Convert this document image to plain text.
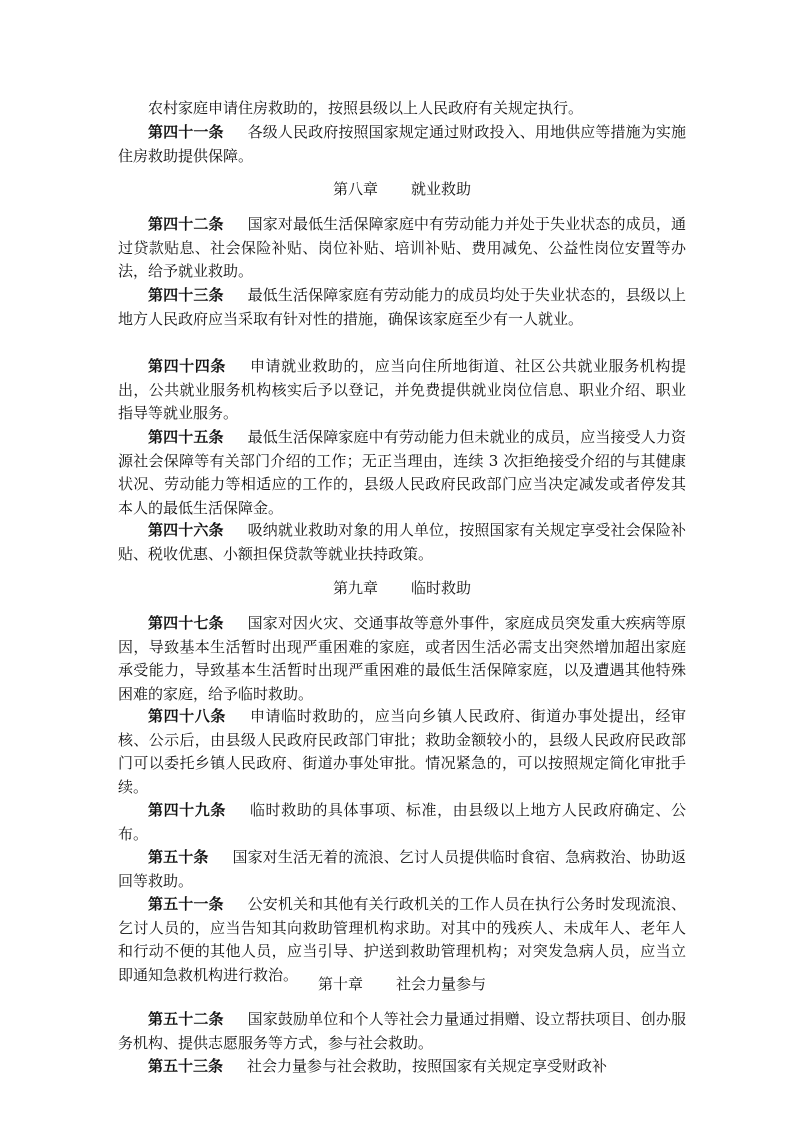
农村家庭申请住房救助的，按照县级以上人民政府有关规定执行。

第四十一条 各级人民政府按照国家规定通过财政投入、用地供应等措施为实施住房救助提供保障。

第八章 就业救助

第四十二条 国家对最低生活保障家庭中有劳动能力并处于失业状态的成员，通过贷款贴息、社会保险补贴、岗位补贴、培训补贴、费用减免、公益性岗位安置等办法，给予就业救助。

第四十三条 最低生活保障家庭有劳动能力的成员均处于失业状态的，县级以上地方人民政府应当采取有针对性的措施，确保该家庭至少有一人就业。

第四十四条 申请就业救助的，应当向住所地街道、社区公共就业服务机构提出，公共就业服务机构核实后予以登记，并免费提供就业岗位信息、职业介绍、职业指导等就业服务。

第四十五条 最低生活保障家庭中有劳动能力但未就业的成员，应当接受人力资源社会保障等有关部门介绍的工作；无正当理由，连续 3 次拒绝接受介绍的与其健康状况、劳动能力等相适应的工作的，县级人民政府民政部门应当决定减发或者停发其本人的最低生活保障金。

第四十六条 吸纳就业救助对象的用人单位，按照国家有关规定享受社会保险补贴、税收优惠、小额担保贷款等就业扶持政策。

第九章 临时救助

第四十七条 国家对因火灾、交通事故等意外事件，家庭成员突发重大疾病等原因，导致基本生活暂时出现严重困难的家庭，或者因生活必需支出突然增加超出家庭承受能力，导致基本生活暂时出现严重困难的最低生活保障家庭，以及遭遇其他特殊困难的家庭，给予临时救助。

第四十八条 申请临时救助的，应当向乡镇人民政府、街道办事处提出，经审核、公示后，由县级人民政府民政部门审批；救助金额较小的，县级人民政府民政部门可以委托乡镇人民政府、街道办事处审批。情况紧急的，可以按照规定简化审批手续。

第四十九条 临时救助的具体事项、标准，由县级以上地方人民政府确定、公布。

第五十条 国家对生活无着的流浪、乞讨人员提供临时食宿、急病救治、协助返回等救助。

第五十一条 公安机关和其他有关行政机关的工作人员在执行公务时发现流浪、乞讨人员的，应当告知其向救助管理机构求助。对其中的残疾人、未成年人、老年人和行动不便的其他人员，应当引导、护送到救助管理机构；对突发急病人员，应当立即通知急救机构进行救治。

第十章 社会力量参与

第五十二条 国家鼓励单位和个人等社会力量通过捐赠、设立帮扶项目、创办服务机构、提供志愿服务等方式，参与社会救助。

第五十三条 社会力量参与社会救助，按照国家有关规定享受财政补
